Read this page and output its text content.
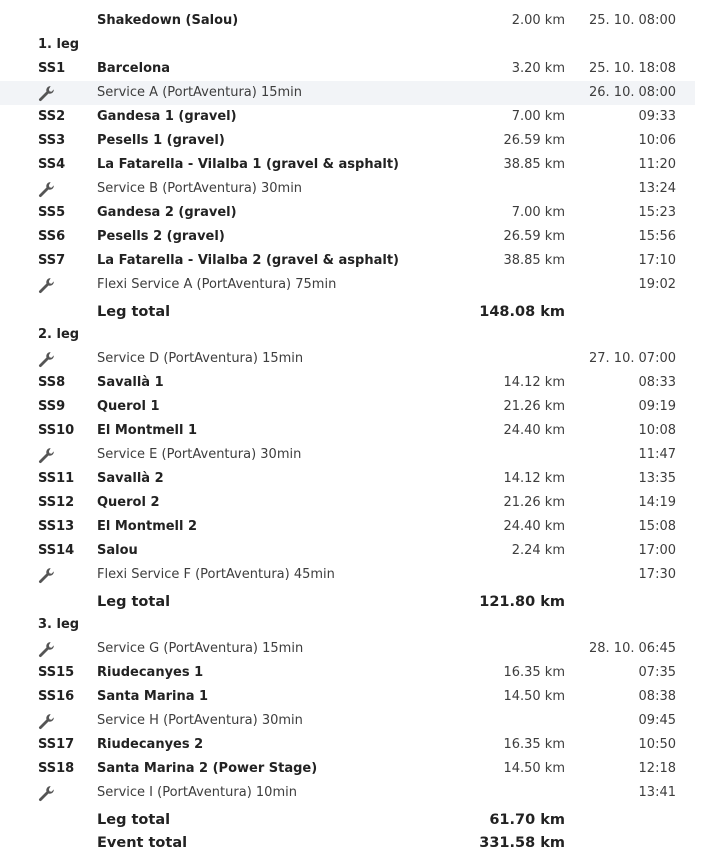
Shakedown (Salou)	2.00 km 25. 10. 08:00
1. leg
SS1 Barcelona	3.20 km 25. 10. 18:08
Service A (PortAventura) 15min	26. 10. 08:00
SS2 Gandesa 1 (gravel)	7.00 km	09:33
SS3 Pesells 1 (gravel)	26.59 km	10:06
SS4 La Fatarella - Vilalba 1 (gravel & asphalt)	38.85 km	11:20
Service B (PortAventura) 30min	13:24
SS5 Gandesa 2 (gravel)	7.00 km	15:23
SS6 Pesells 2 (gravel)	26.59 km	15:56
SS7 La Fatarella - Vilalba 2 (gravel & asphalt)	38.85 km	17:10
Flexi Service A (PortAventura) 75min	19:02
Leg total	148.08 km
2. leg
Service D (PortAventura) 15min	27. 10. 07:00
SS8 Savallà 1	14.12 km	08:33
SS9 Querol 1	21.26 km	09:19
SS10 El Montmell 1	24.40 km	10:08
Service E (PortAventura) 30min	11:47
SS11 Savallà 2	14.12 km	13:35
SS12 Querol 2	21.26 km	14:19
SS13 El Montmell 2	24.40 km	15:08
SS14 Salou	2.24 km	17:00
Flexi Service F (PortAventura) 45min	17:30
Leg total	121.80 km
3. leg
Service G (PortAventura) 15min	28. 10. 06:45
SS15 Riudecanyes 1	16.35 km	07:35
SS16 Santa Marina 1	14.50 km	08:38
Service H (PortAventura) 30min	09:45
SS17 Riudecanyes 2	16.35 km	10:50
SS18 Santa Marina 2 (Power Stage)	14.50 km	12:18
Service I (PortAventura) 10min	13:41
Leg total	61.70 km
Event total	331.58 km
